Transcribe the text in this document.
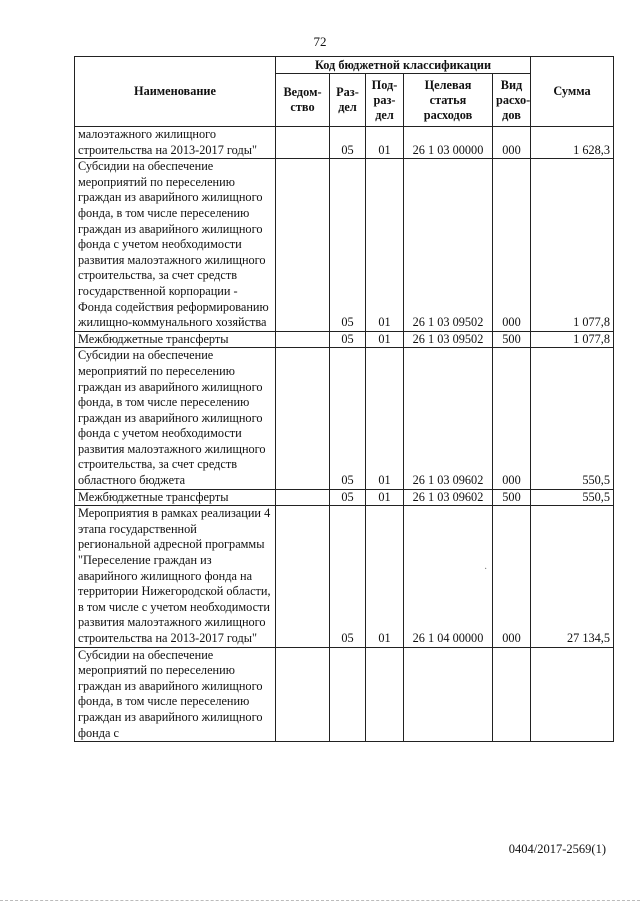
72
Наименование	Код бюджетной классификации					Сумма
	Ведом-ство	Раз-дел	Под-раз-дел	Целевая статья расходов	Вид расхо-дов	
малоэтажного жилищного строительства на 2013-2017 годы"		05	01	26 1 03 00000	000	1 628,3
Субсидии на обеспечение мероприятий по переселению граждан из аварийного жилищного фонда, в том числе переселению граждан из аварийного жилищного фонда с учетом необходимости развития малоэтажного жилищного строительства, за счет средств государственной корпорации - Фонда содействия реформированию жилищно-коммунального хозяйства		05	01	26 1 03 09502	000	1 077,8
Межбюджетные трансферты		05	01	26 1 03 09502	500	1 077,8
Субсидии на обеспечение мероприятий по переселению граждан из аварийного жилищного фонда, в том числе переселению граждан из аварийного жилищного фонда с учетом необходимости развития малоэтажного жилищного строительства, за счет средств областного бюджета		05	01	26 1 03 09602	000	550,5
Межбюджетные трансферты		05	01	26 1 03 09602	500	550,5
Мероприятия в рамках реализации 4 этапа государственной региональной адресной программы "Переселение граждан из аварийного жилищного фонда на территории Нижегородской области, в том числе с учетом необходимости развития малоэтажного жилищного строительства на 2013-2017 годы"		05	01	26 1 04 00000	000	27 134,5
Субсидии на обеспечение мероприятий по переселению граждан из аварийного жилищного фонда, в том числе переселению граждан из аварийного жилищного фонда с						
·
0404/2017-2569(1)
